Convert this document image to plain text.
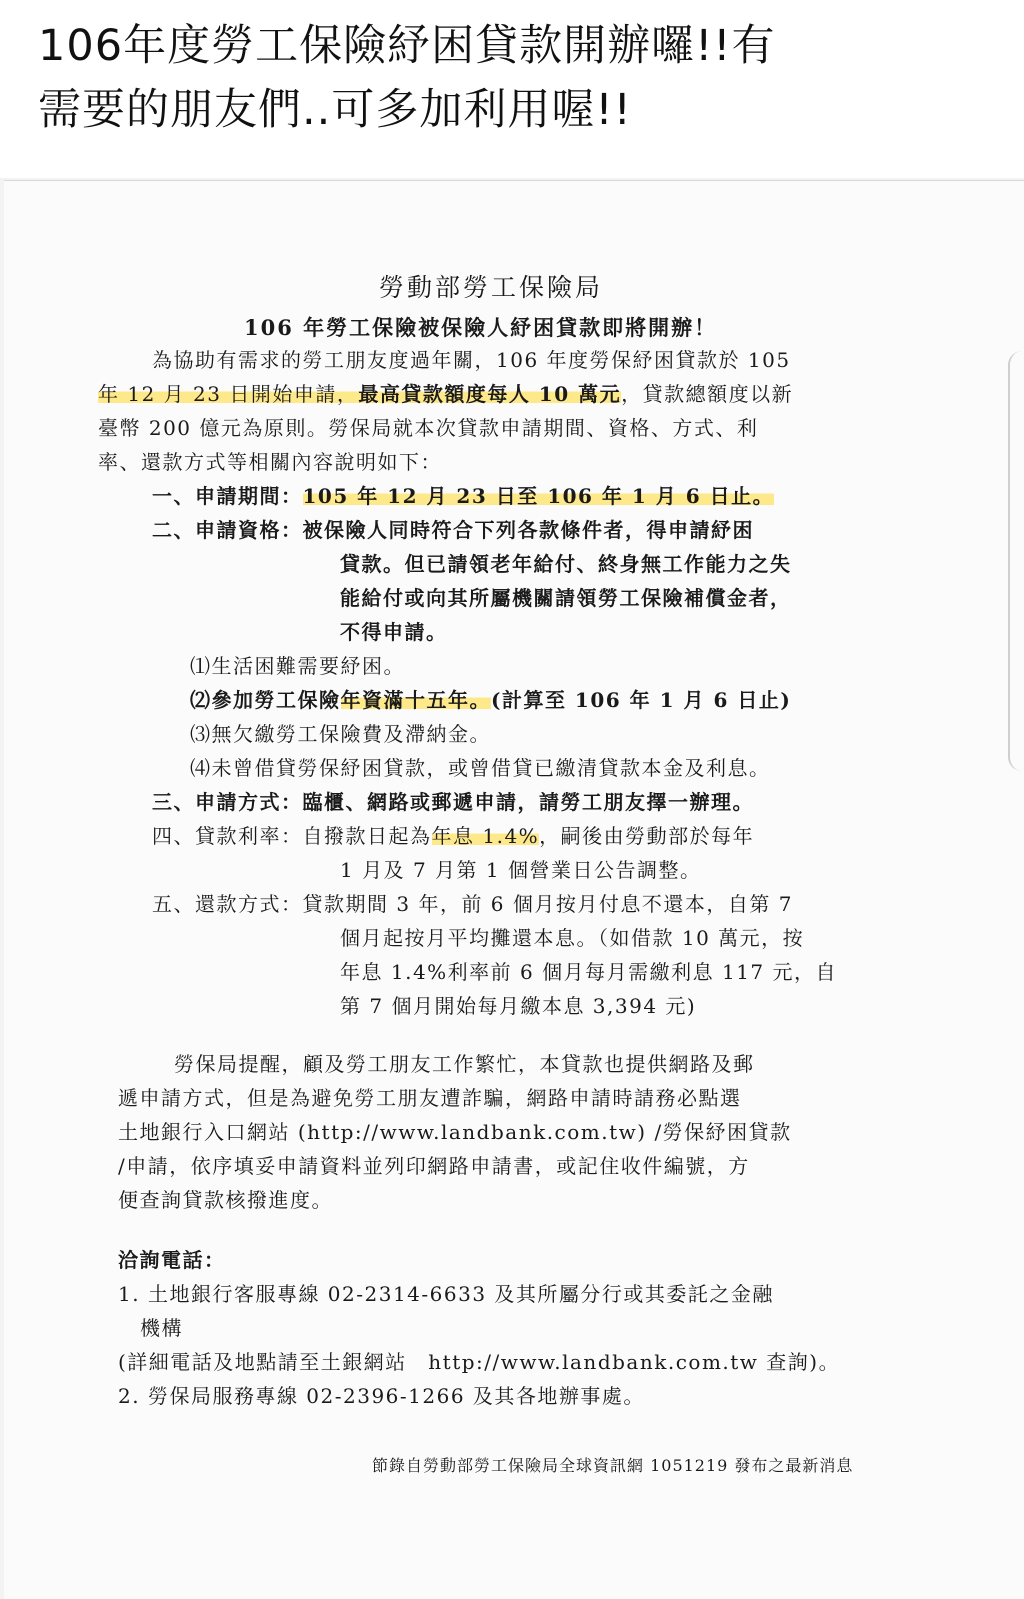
106年度勞工保險紓困貸款開辦囉!!有
需要的朋友們..可多加利用喔!!
勞動部勞工保險局
106 年勞工保險被保險人紓困貸款即將開辦！
為協助有需求的勞工朋友度過年關，106 年度勞保紓困貸款於 105
年 12 月 23 日開始申請，最高貸款額度每人 10 萬元，貸款總額度以新
臺幣 200 億元為原則。勞保局就本次貸款申請期間、資格、方式、利
率、還款方式等相關內容說明如下：
一、申請期間：105 年 12 月 23 日至 106 年 1 月 6 日止。
二、申請資格：被保險人同時符合下列各款條件者，得申請紓困
貸款。但已請領老年給付、終身無工作能力之失
能給付或向其所屬機關請領勞工保險補償金者，
不得申請。
⑴生活困難需要紓困。
⑵參加勞工保險年資滿十五年。(計算至 106 年 1 月 6 日止)
⑶無欠繳勞工保險費及滯納金。
⑷未曾借貸勞保紓困貸款，或曾借貸已繳清貸款本金及利息。
三、申請方式：臨櫃、網路或郵遞申請，請勞工朋友擇一辦理。
四、貸款利率：自撥款日起為年息 1.4%，嗣後由勞動部於每年
1 月及 7 月第 1 個營業日公告調整。
五、還款方式：貸款期間 3 年，前 6 個月按月付息不還本，自第 7
個月起按月平均攤還本息。（如借款 10 萬元，按
年息 1.4%利率前 6 個月每月需繳利息 117 元，自
第 7 個月開始每月繳本息 3,394 元)
勞保局提醒，顧及勞工朋友工作繁忙，本貸款也提供網路及郵
遞申請方式，但是為避免勞工朋友遭詐騙，網路申請時請務必點選
土地銀行入口網站 (http://www.landbank.com.tw) /勞保紓困貸款
/申請，依序填妥申請資料並列印網路申請書，或記住收件編號，方
便查詢貸款核撥進度。
洽詢電話：
1. 土地銀行客服專線 02-2314-6633 及其所屬分行或其委託之金融
機構
(詳細電話及地點請至土銀網站　http://www.landbank.com.tw 查詢)。
2. 勞保局服務專線 02-2396-1266 及其各地辦事處。
節錄自勞動部勞工保險局全球資訊網 1051219 發布之最新消息
